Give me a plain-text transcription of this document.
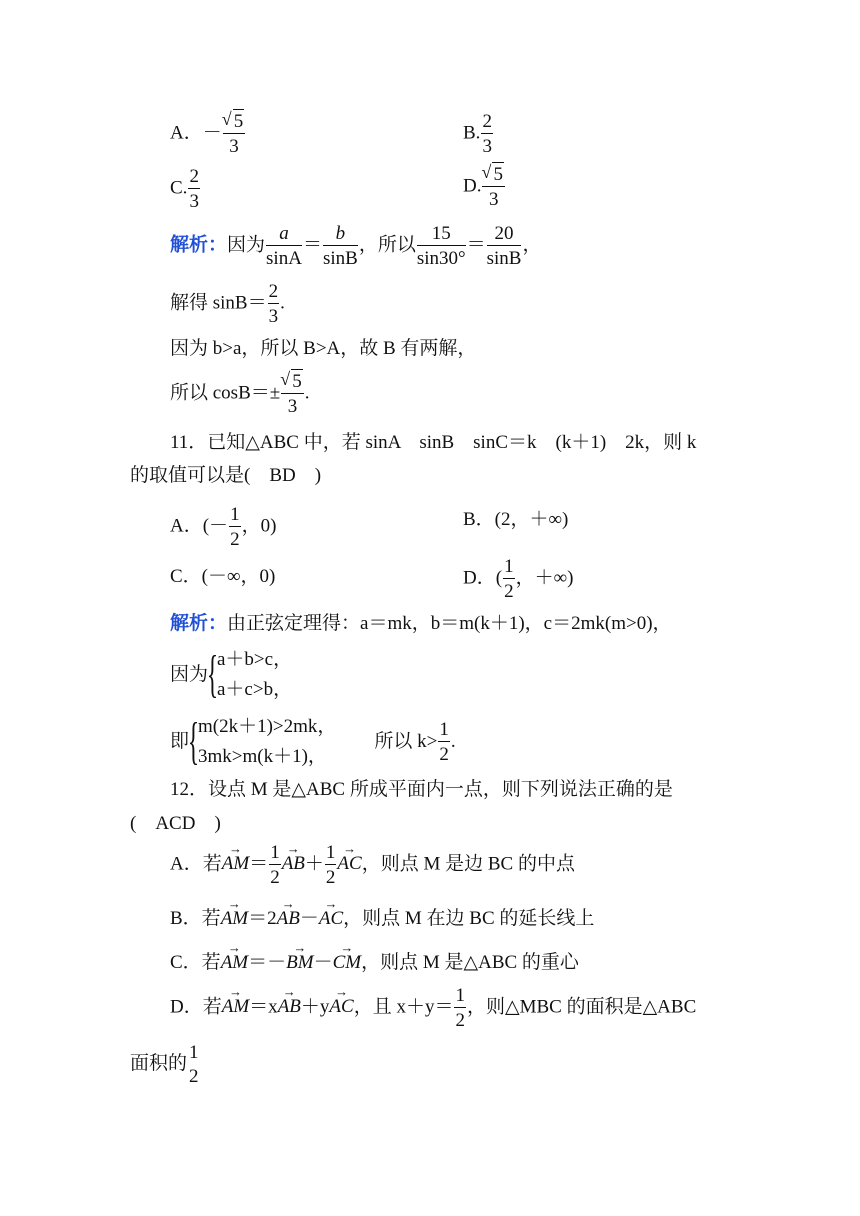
A．－ √ $\frac{5}{3}$	B. $\frac{2}{3}$
C. $\frac{2}{3}$	D. √ $\frac{5}{3}$
解析：因为 $\frac{a}{\sin A} = \frac{b}{\sin B}$ ，所以 $\frac{15}{\sin 30^\circ} = \frac{20}{\sin B}$ ，
解得 $\sin B= \frac{2}{3}$ .
因为 b>a，所以 B>A，故 B 有两解，
所以 cosB＝± √ $\frac{5}{3}$ .
11．已知△ABC 中，若 sinA　sinB　sinC＝k　(k＋1)　2k，则 k
的取值可以是(　BD　)
A．(－ $\frac{1}{2}$ ，0)	B．(2，＋∞)
C．(－∞，0)	D．( $\frac{1}{2}$ ，＋∞)
解析：由正弦定理得：a＝mk，b＝m(k＋1)，c＝2mk(m>0)，
因为{
a＋b>c，
a＋c>b，
即{
m(2k＋1)>2mk，
3mk>m(k＋1)，
所以 $k> \frac{1}{2}$ .
12．设点 M 是△ABC 所成平面内一点，则下列说法正确的是
(　ACD　)
A．若AM →＝ $\frac{1}{2}$ AB →＋ $\frac{1}{2}$ AC →，则点 M 是边 BC 的中点
B．若AM →＝2AB →－AC →，则点 M 在边 BC 的延长线上
C．若AM →＝－BM →－CM →，则点 M 是△ABC 的重心
D．若AM →＝xAB →＋yAC →，且 $x+y= \frac{1}{2}$ ，则△MBC 的面积是△ABC
面积的
1
2
